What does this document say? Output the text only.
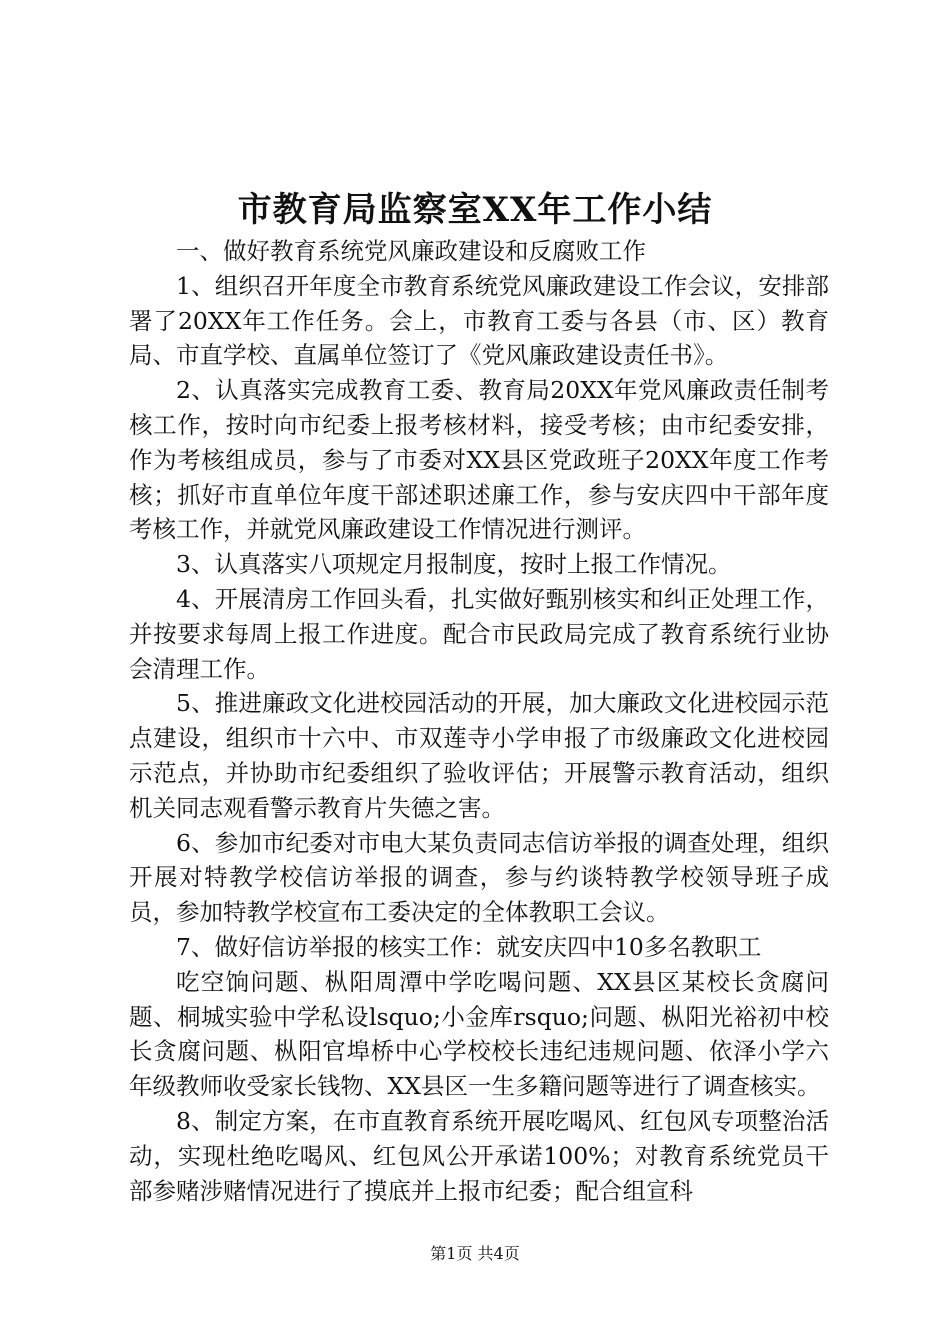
市教育局监察室XX年工作小结

一、做好教育系统党风廉政建设和反腐败工作

1、组织召开年度全市教育系统党风廉政建设工作会议，安排部署了20XX年工作任务。会上，市教育工委与各县（市、区）教育局、市直学校、直属单位签订了《党风廉政建设责任书》。

2、认真落实完成教育工委、教育局20XX年党风廉政责任制考核工作，按时向市纪委上报考核材料，接受考核；由市纪委安排，作为考核组成员，参与了市委对XX县区党政班子20XX年度工作考核；抓好市直单位年度干部述职述廉工作，参与安庆四中干部年度考核工作，并就党风廉政建设工作情况进行测评。

3、认真落实八项规定月报制度，按时上报工作情况。

4、开展清房工作回头看，扎实做好甄别核实和纠正处理工作，并按要求每周上报工作进度。配合市民政局完成了教育系统行业协会清理工作。

5、推进廉政文化进校园活动的开展，加大廉政文化进校园示范点建设，组织市十六中、市双莲寺小学申报了市级廉政文化进校园示范点，并协助市纪委组织了验收评估；开展警示教育活动，组织机关同志观看警示教育片失德之害。

6、参加市纪委对市电大某负责同志信访举报的调查处理，组织开展对特教学校信访举报的调查，参与约谈特教学校领导班子成员，参加特教学校宣布工委决定的全体教职工会议。

7、做好信访举报的核实工作：就安庆四中10多名教职工

吃空饷问题、枞阳周潭中学吃喝问题、XX县区某校长贪腐问题、桐城实验中学私设lsquo;小金库rsquo;问题、枞阳光裕初中校长贪腐问题、枞阳官埠桥中心学校校长违纪违规问题、依泽小学六年级教师收受家长钱物、XX县区一生多籍问题等进行了调查核实。

8、制定方案，在市直教育系统开展吃喝风、红包风专项整治活动，实现杜绝吃喝风、红包风公开承诺100%；对教育系统党员干部参赌涉赌情况进行了摸底并上报市纪委；配合组宣科

第1页 共4页
